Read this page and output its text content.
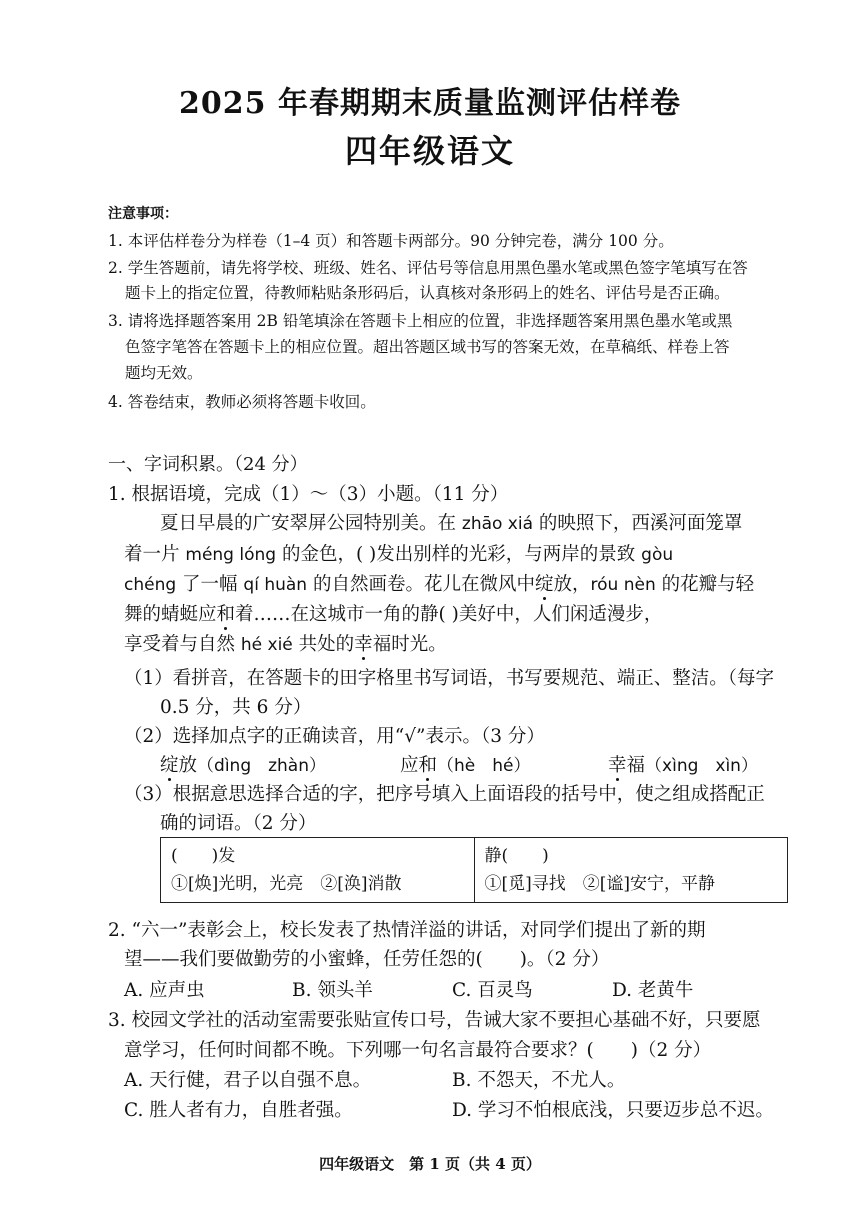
2025 年春期期末质量监测评估样卷
四年级语文
注意事项：
1. 本评估样卷分为样卷（1–4 页）和答题卡两部分。90 分钟完卷，满分 100 分。
2. 学生答题前，请先将学校、班级、姓名、评估号等信息用黑色墨水笔或黑色签字笔填写在答
题卡上的指定位置，待教师粘贴条形码后，认真核对条形码上的姓名、评估号是否正确。
3. 请将选择题答案用 2B 铅笔填涂在答题卡上相应的位置，非选择题答案用黑色墨水笔或黑
色签字笔答在答题卡上的相应位置。超出答题区域书写的答案无效，在草稿纸、样卷上答
题均无效。
4. 答卷结束，教师必须将答题卡收回。
一、字词积累。（24 分）
1. 根据语境，完成（1）～（3）小题。（11 分）
夏日早晨的广安翠屏公园特别美。在 zhāo xiá 的映照下，西溪河面笼罩
着一片 méng lóng 的金色，( )发出别样的光彩，与两岸的景致 gòu
chéng 了一幅 qí huàn 的自然画卷。花儿在微风中绽放，róu nèn 的花瓣与轻
舞的蜻蜓应和着……在这城市一角的静( )美好中，人们闲适漫步，
享受着与自然 hé xié 共处的幸福时光。
（1）看拼音，在答题卡的田字格里书写词语，书写要规范、端正、整洁。（每字
0.5 分，共 6 分）
（2）选择加点字的正确读音，用“√”表示。（3 分）
绽放（dìng　zhàn）	应和（hè　hé）	幸福（xìng　xìn）
（3）根据意思选择合适的字，把序号填入上面语段的括号中，使之组成搭配正
确的词语。（2 分）
(　　)发
①[焕]光明，光亮　②[涣]消散

静(　　)
①[觅]寻找　②[谧]安宁，平静
2. “六一”表彰会上，校长发表了热情洋溢的讲话，对同学们提出了新的期
望——我们要做勤劳的小蜜蜂，任劳任怨的(　　)。（2 分）
A. 应声虫	B. 领头羊	C. 百灵鸟	D. 老黄牛
3. 校园文学社的活动室需要张贴宣传口号，告诫大家不要担心基础不好，只要愿
意学习，任何时间都不晚。下列哪一句名言最符合要求？(　　)（2 分）
A. 天行健，君子以自强不息。	B. 不怨天，不尤人。
C. 胜人者有力，自胜者强。	D. 学习不怕根底浅，只要迈步总不迟。
四年级语文　第 1 页（共 4 页）
